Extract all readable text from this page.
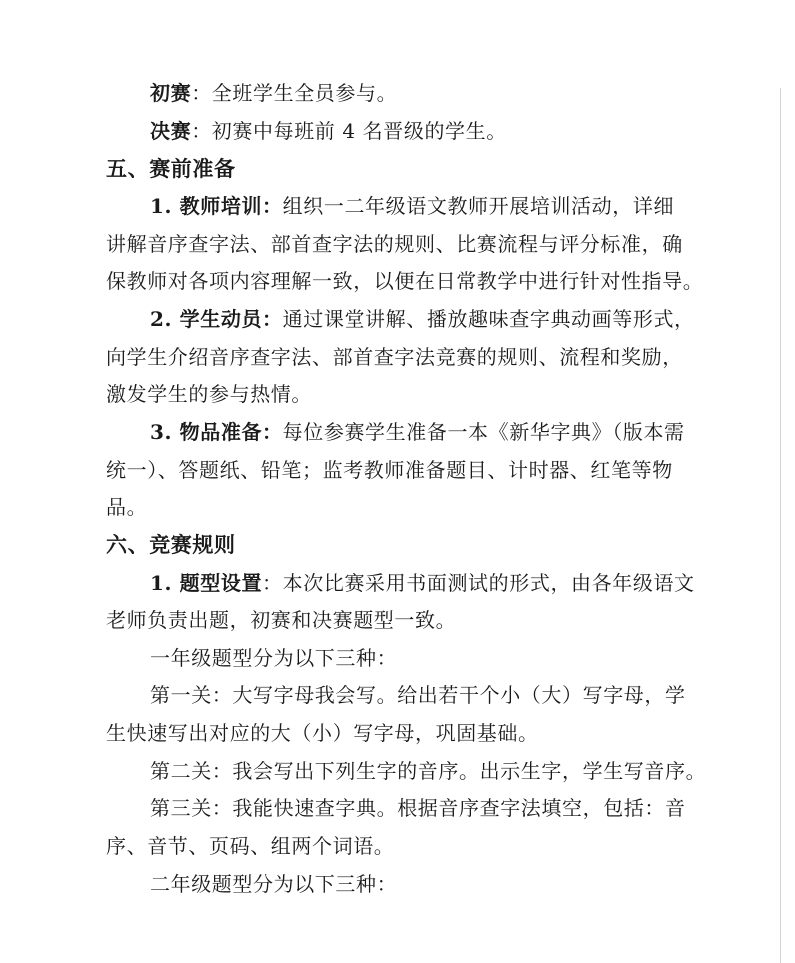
初赛：全班学生全员参与。
决赛：初赛中每班前 4 名晋级的学生。
五、赛前准备
1. 教师培训：组织一二年级语文教师开展培训活动，详细
讲解音序查字法、部首查字法的规则、比赛流程与评分标准，确
保教师对各项内容理解一致，以便在日常教学中进行针对性指导。
2. 学生动员：通过课堂讲解、播放趣味查字典动画等形式，
向学生介绍音序查字法、部首查字法竞赛的规则、流程和奖励，
激发学生的参与热情。
3. 物品准备：每位参赛学生准备一本《新华字典》（版本需
统一）、答题纸、铅笔；监考教师准备题目、计时器、红笔等物
品。
六、竞赛规则
1. 题型设置：本次比赛采用书面测试的形式，由各年级语文
老师负责出题，初赛和决赛题型一致。
一年级题型分为以下三种：
第一关：大写字母我会写。给出若干个小（大）写字母，学
生快速写出对应的大（小）写字母，巩固基础。
第二关：我会写出下列生字的音序。出示生字，学生写音序。
第三关：我能快速查字典。根据音序查字法填空，包括：音
序、音节、页码、组两个词语。
二年级题型分为以下三种：
